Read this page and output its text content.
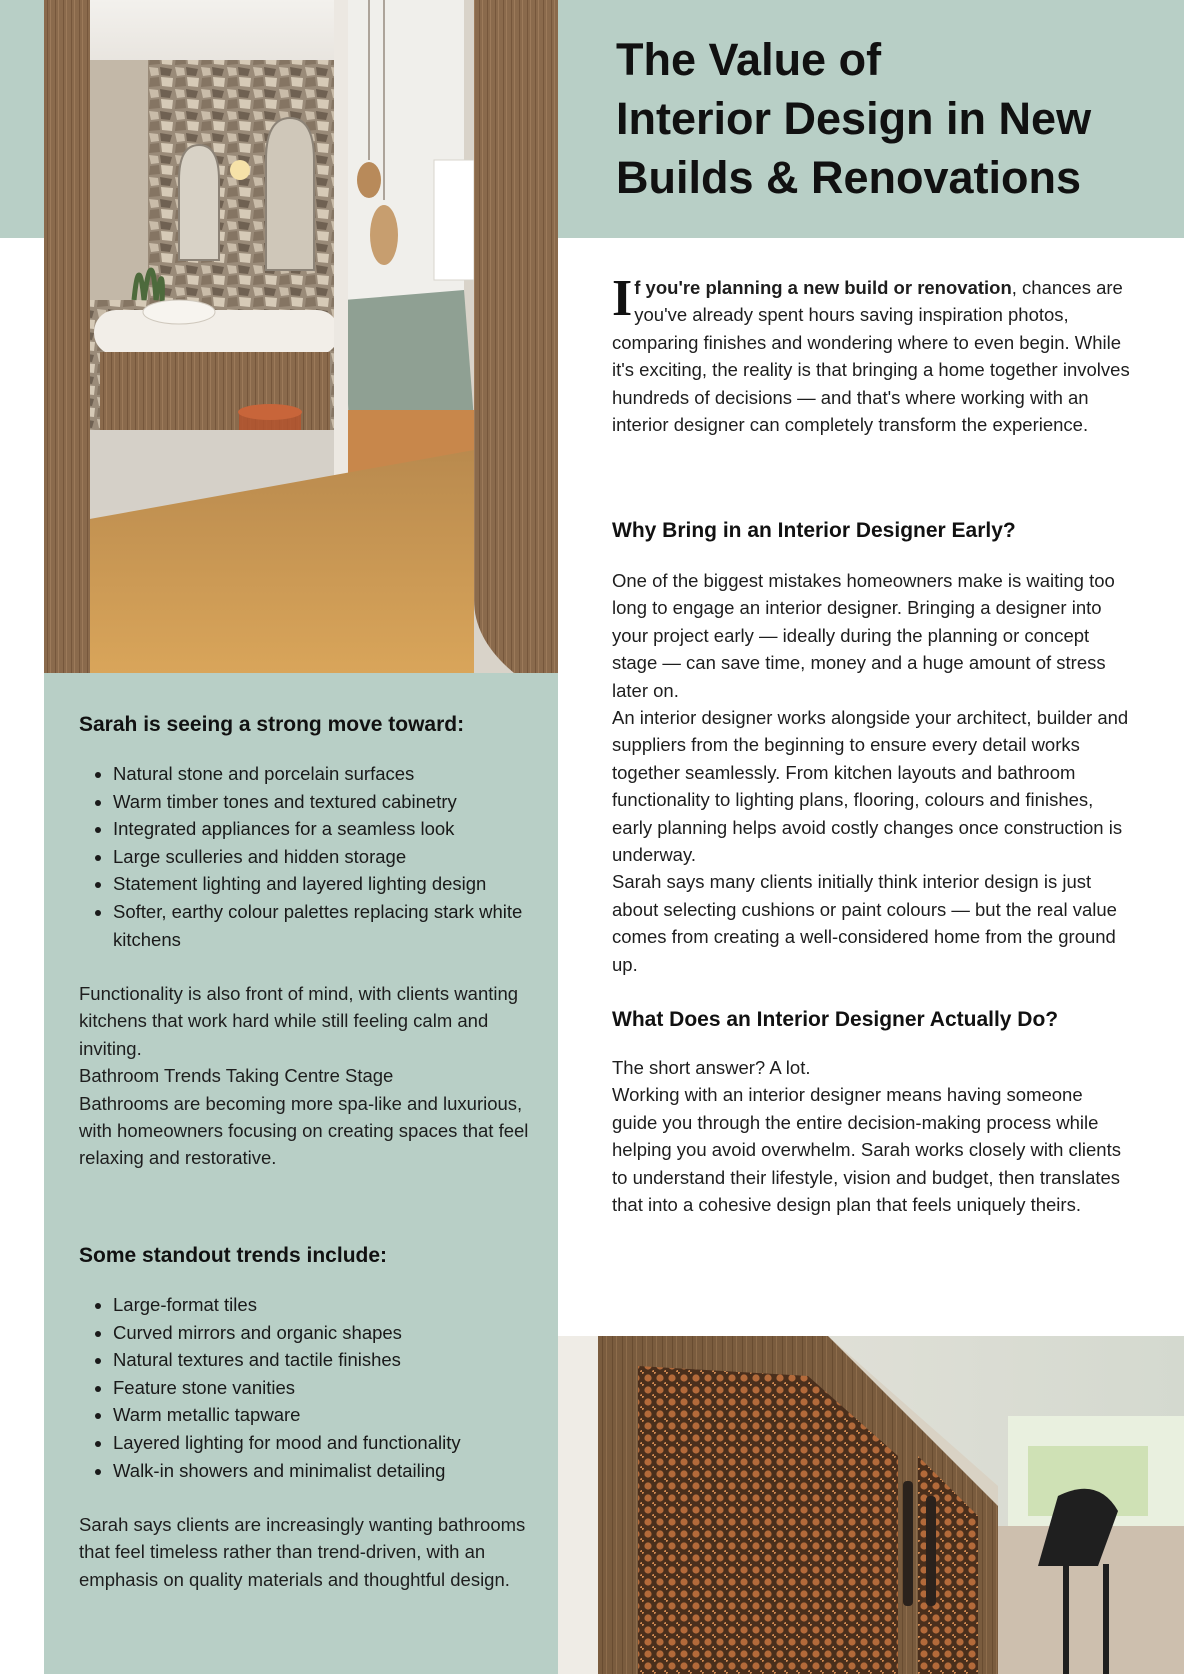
The Value of
Interior Design in New
Builds & Renovations

If you're planning a new build or renovation, chances are you've already spent hours saving inspiration photos, comparing finishes and wondering where to even begin. While it's exciting, the reality is that bringing a home together involves hundreds of decisions — and that's where working with an interior designer can completely transform the experience.

Why Bring in an Interior Designer Early?

One of the biggest mistakes homeowners make is waiting too long to engage an interior designer. Bringing a designer into your project early — ideally during the planning or concept stage — can save time, money and a huge amount of stress later on.

An interior designer works alongside your architect, builder and suppliers from the beginning to ensure every detail works together seamlessly. From kitchen layouts and bathroom functionality to lighting plans, flooring, colours and finishes, early planning helps avoid costly changes once construction is underway.

Sarah says many clients initially think interior design is just about selecting cushions or paint colours — but the real value comes from creating a well-considered home from the ground up.

What Does an Interior Designer Actually Do?

The short answer? A lot.

Working with an interior designer means having someone guide you through the entire decision-making process while helping you avoid overwhelm. Sarah works closely with clients to understand their lifestyle, vision and budget, then translates that into a cohesive design plan that feels uniquely theirs.

Sarah is seeing a strong move toward:
• Natural stone and porcelain surfaces
• Warm timber tones and textured cabinetry
• Integrated appliances for a seamless look
• Large sculleries and hidden storage
• Statement lighting and layered lighting design
• Softer, earthy colour palettes replacing stark white kitchens

Functionality is also front of mind, with clients wanting kitchens that work hard while still feeling calm and inviting.

Bathroom Trends Taking Centre Stage

Bathrooms are becoming more spa-like and luxurious, with homeowners focusing on creating spaces that feel relaxing and restorative.

Some standout trends include:
• Large-format tiles
• Curved mirrors and organic shapes
• Natural textures and tactile finishes
• Feature stone vanities
• Warm metallic tapware
• Layered lighting for mood and functionality
• Walk-in showers and minimalist detailing

Sarah says clients are increasingly wanting bathrooms that feel timeless rather than trend-driven, with an emphasis on quality materials and thoughtful design.
